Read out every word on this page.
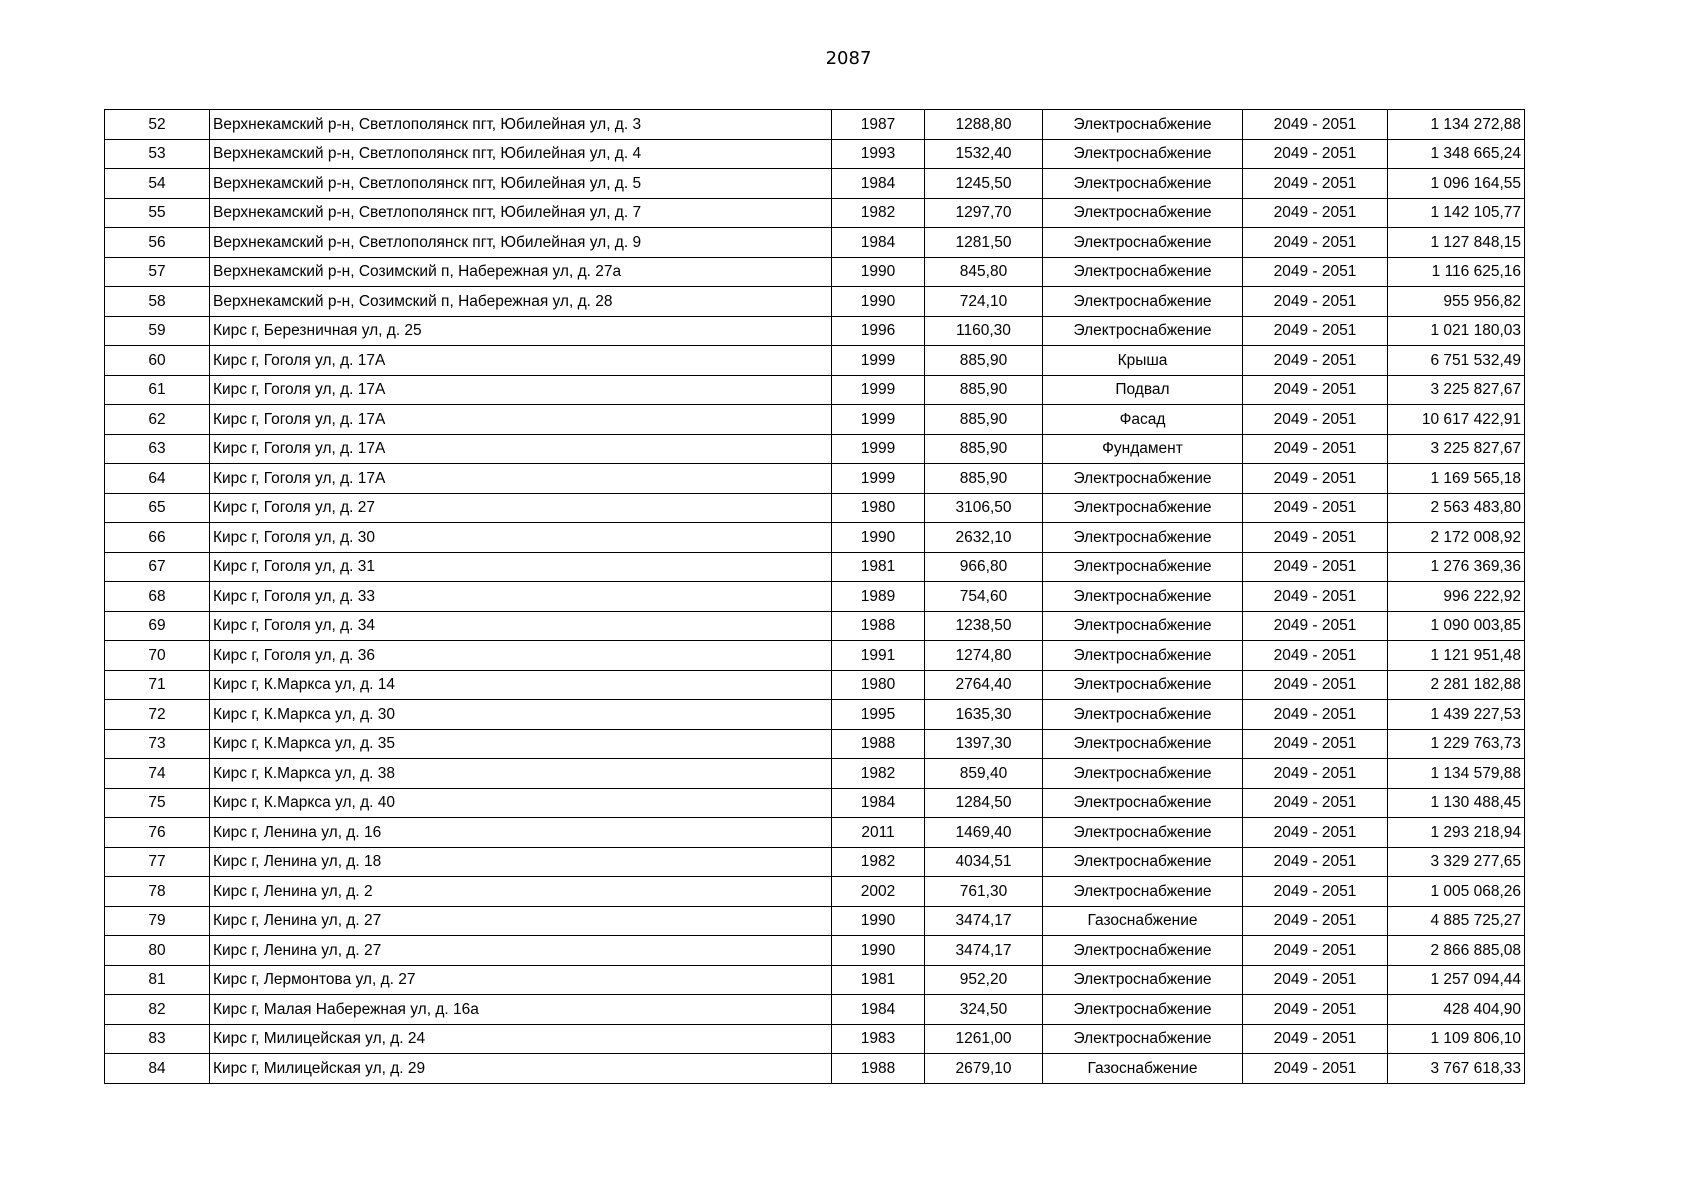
2087
52	Верхнекамский р-н, Светлополянск пгт, Юбилейная ул, д. 3	1987	1288,80	Электроснабжение	2049 - 2051	1 134 272,88
53	Верхнекамский р-н, Светлополянск пгт, Юбилейная ул, д. 4	1993	1532,40	Электроснабжение	2049 - 2051	1 348 665,24
54	Верхнекамский р-н, Светлополянск пгт, Юбилейная ул, д. 5	1984	1245,50	Электроснабжение	2049 - 2051	1 096 164,55
55	Верхнекамский р-н, Светлополянск пгт, Юбилейная ул, д. 7	1982	1297,70	Электроснабжение	2049 - 2051	1 142 105,77
56	Верхнекамский р-н, Светлополянск пгт, Юбилейная ул, д. 9	1984	1281,50	Электроснабжение	2049 - 2051	1 127 848,15
57	Верхнекамский р-н, Созимский п, Набережная ул, д. 27а	1990	845,80	Электроснабжение	2049 - 2051	1 116 625,16
58	Верхнекамский р-н, Созимский п, Набережная ул, д. 28	1990	724,10	Электроснабжение	2049 - 2051	955 956,82
59	Кирс г, Березничная ул, д. 25	1996	1160,30	Электроснабжение	2049 - 2051	1 021 180,03
60	Кирс г, Гоголя ул, д. 17А	1999	885,90	Крыша	2049 - 2051	6 751 532,49
61	Кирс г, Гоголя ул, д. 17А	1999	885,90	Подвал	2049 - 2051	3 225 827,67
62	Кирс г, Гоголя ул, д. 17А	1999	885,90	Фасад	2049 - 2051	10 617 422,91
63	Кирс г, Гоголя ул, д. 17А	1999	885,90	Фундамент	2049 - 2051	3 225 827,67
64	Кирс г, Гоголя ул, д. 17А	1999	885,90	Электроснабжение	2049 - 2051	1 169 565,18
65	Кирс г, Гоголя ул, д. 27	1980	3106,50	Электроснабжение	2049 - 2051	2 563 483,80
66	Кирс г, Гоголя ул, д. 30	1990	2632,10	Электроснабжение	2049 - 2051	2 172 008,92
67	Кирс г, Гоголя ул, д. 31	1981	966,80	Электроснабжение	2049 - 2051	1 276 369,36
68	Кирс г, Гоголя ул, д. 33	1989	754,60	Электроснабжение	2049 - 2051	996 222,92
69	Кирс г, Гоголя ул, д. 34	1988	1238,50	Электроснабжение	2049 - 2051	1 090 003,85
70	Кирс г, Гоголя ул, д. 36	1991	1274,80	Электроснабжение	2049 - 2051	1 121 951,48
71	Кирс г, К.Маркса ул, д. 14	1980	2764,40	Электроснабжение	2049 - 2051	2 281 182,88
72	Кирс г, К.Маркса ул, д. 30	1995	1635,30	Электроснабжение	2049 - 2051	1 439 227,53
73	Кирс г, К.Маркса ул, д. 35	1988	1397,30	Электроснабжение	2049 - 2051	1 229 763,73
74	Кирс г, К.Маркса ул, д. 38	1982	859,40	Электроснабжение	2049 - 2051	1 134 579,88
75	Кирс г, К.Маркса ул, д. 40	1984	1284,50	Электроснабжение	2049 - 2051	1 130 488,45
76	Кирс г, Ленина ул, д. 16	2011	1469,40	Электроснабжение	2049 - 2051	1 293 218,94
77	Кирс г, Ленина ул, д. 18	1982	4034,51	Электроснабжение	2049 - 2051	3 329 277,65
78	Кирс г, Ленина ул, д. 2	2002	761,30	Электроснабжение	2049 - 2051	1 005 068,26
79	Кирс г, Ленина ул, д. 27	1990	3474,17	Газоснабжение	2049 - 2051	4 885 725,27
80	Кирс г, Ленина ул, д. 27	1990	3474,17	Электроснабжение	2049 - 2051	2 866 885,08
81	Кирс г, Лермонтова ул, д. 27	1981	952,20	Электроснабжение	2049 - 2051	1 257 094,44
82	Кирс г, Малая Набережная ул, д. 16а	1984	324,50	Электроснабжение	2049 - 2051	428 404,90
83	Кирс г, Милицейская ул, д. 24	1983	1261,00	Электроснабжение	2049 - 2051	1 109 806,10
84	Кирс г, Милицейская ул, д. 29	1988	2679,10	Газоснабжение	2049 - 2051	3 767 618,33
